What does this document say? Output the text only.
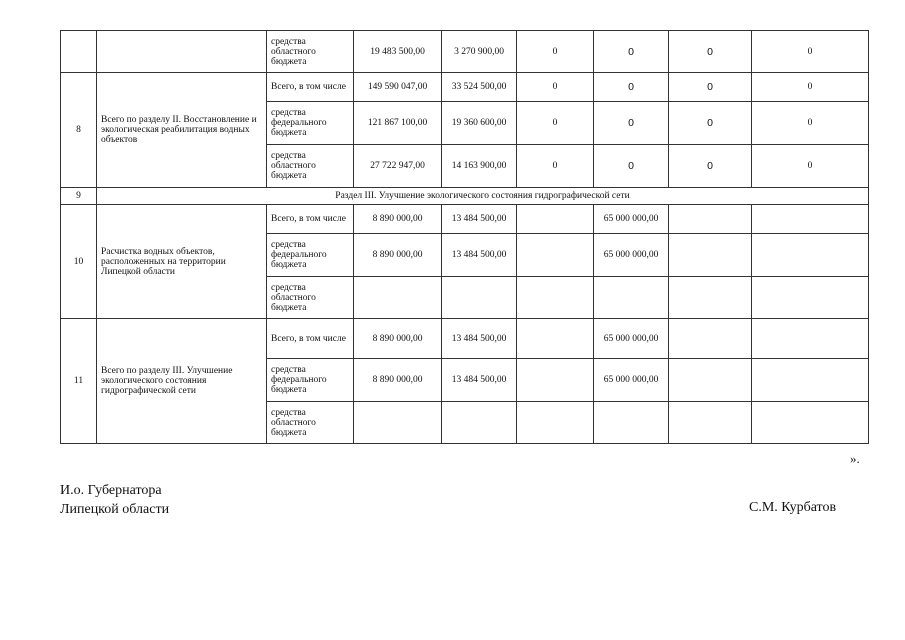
		средства областного бюджета	19 483 500,00	3 270 900,00	0	0	0	0
8	Всего по разделу II. Восстановление и экологическая реабилитация водных объектов	Всего, в том числе	149 590 047,00	33 524 500,00	0	0	0	0
		средства федерального бюджета	121 867 100,00	19 360 600,00	0	0	0	0
		средства областного бюджета	27 722 947,00	14 163 900,00	0	0	0	0
9	Раздел III. Улучшение экологического состояния гидрографической сети							
10	Расчистка водных объектов, расположенных на территории Липецкой области	Всего, в том числе	8 890 000,00	13 484 500,00		65 000 000,00		
		средства федерального бюджета	8 890 000,00	13 484 500,00		65 000 000,00		
		средства областного бюджета						
11	Всего по разделу III. Улучшение экологического состояния гидрографической сети	Всего, в том числе	8 890 000,00	13 484 500,00		65 000 000,00		
		средства федерального бюджета	8 890 000,00	13 484 500,00		65 000 000,00		
		средства областного бюджета						
».
И.о. Губернатора
Липецкой области	С.М. Курбатов
